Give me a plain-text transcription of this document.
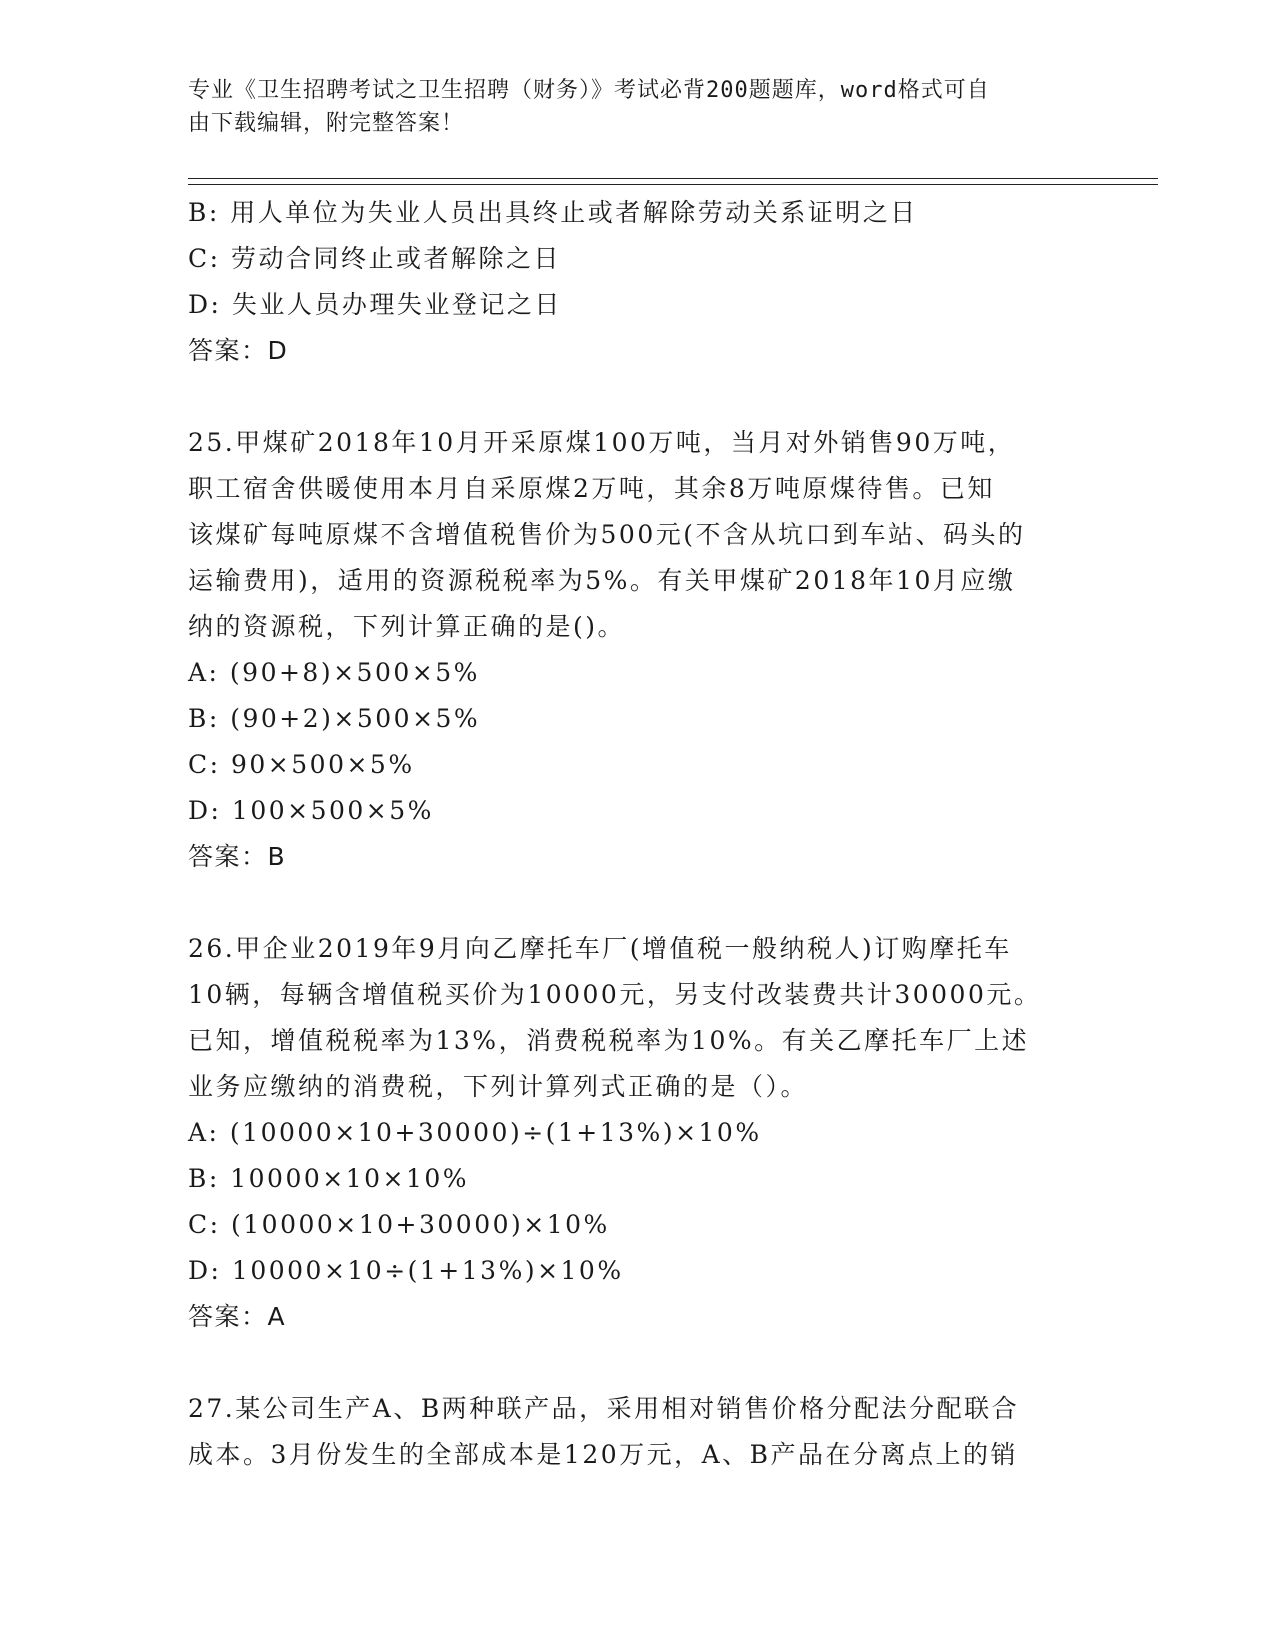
专业《卫生招聘考试之卫生招聘（财务）》考试必背200题题库，word格式可自
由下载编辑，附完整答案！
B: 用人单位为失业人员出具终止或者解除劳动关系证明之日
C: 劳动合同终止或者解除之日
D: 失业人员办理失业登记之日
答案：D
25.甲煤矿2018年10月开采原煤100万吨，当月对外销售90万吨，
职工宿舍供暖使用本月自采原煤2万吨，其余8万吨原煤待售。已知
该煤矿每吨原煤不含增值税售价为500元(不含从坑口到车站、码头的
运输费用)，适用的资源税税率为5%。有关甲煤矿2018年10月应缴
纳的资源税，下列计算正确的是()。
A: (90+8)×500×5%
B: (90+2)×500×5%
C: 90×500×5%
D: 100×500×5%
答案：B
26.甲企业2019年9月向乙摩托车厂(增值税一般纳税人)订购摩托车
10辆，每辆含增值税买价为10000元，另支付改装费共计30000元。
已知，增值税税率为13%，消费税税率为10%。有关乙摩托车厂上述
业务应缴纳的消费税，下列计算列式正确的是（）。
A: (10000×10+30000)÷(1+13%)×10%
B: 10000×10×10%
C: (10000×10+30000)×10%
D: 10000×10÷(1+13%)×10%
答案：A
27.某公司生产A、B两种联产品，采用相对销售价格分配法分配联合
成本。3月份发生的全部成本是120万元，A、B产品在分离点上的销
